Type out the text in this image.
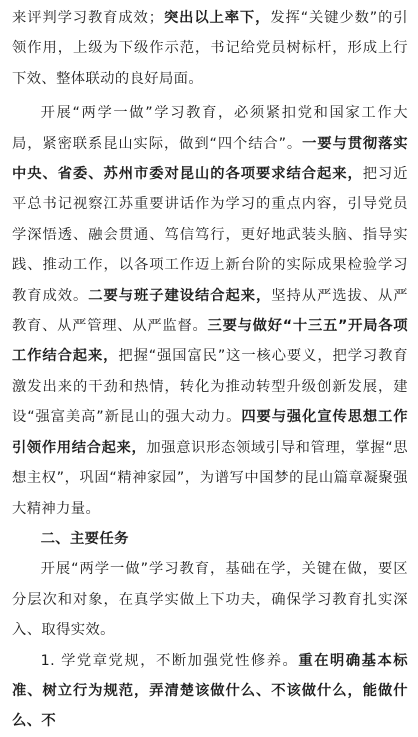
来评判学习教育成效；突出以上率下，发挥“关键少数”的引领作用，上级为下级作示范，书记给党员树标杆，形成上行下效、整体联动的良好局面。

开展“两学一做”学习教育，必须紧扣党和国家工作大局，紧密联系昆山实际，做到“四个结合”。一要与贯彻落实中央、省委、苏州市委对昆山的各项要求结合起来，把习近平总书记视察江苏重要讲话作为学习的重点内容，引导党员学深悟透、融会贯通、笃信笃行，更好地武装头脑、指导实践、推动工作，以各项工作迈上新台阶的实际成果检验学习教育成效。二要与班子建设结合起来，坚持从严选拔、从严教育、从严管理、从严监督。三要与做好“十三五”开局各项工作结合起来，把握“强国富民”这一核心要义，把学习教育激发出来的干劲和热情，转化为推动转型升级创新发展，建设“强富美高”新昆山的强大动力。四要与强化宣传思想工作引领作用结合起来，加强意识形态领域引导和管理，掌握“思想主权”，巩固“精神家园”，为谱写中国梦的昆山篇章凝聚强大精神力量。

二、主要任务

开展“两学一做”学习教育，基础在学，关键在做，要区分层次和对象，在真学实做上下功夫，确保学习教育扎实深入、取得实效。

1. 学党章党规，不断加强党性修养。重在明确基本标准、树立行为规范，弄清楚该做什么、不该做什么，能做什么、不
